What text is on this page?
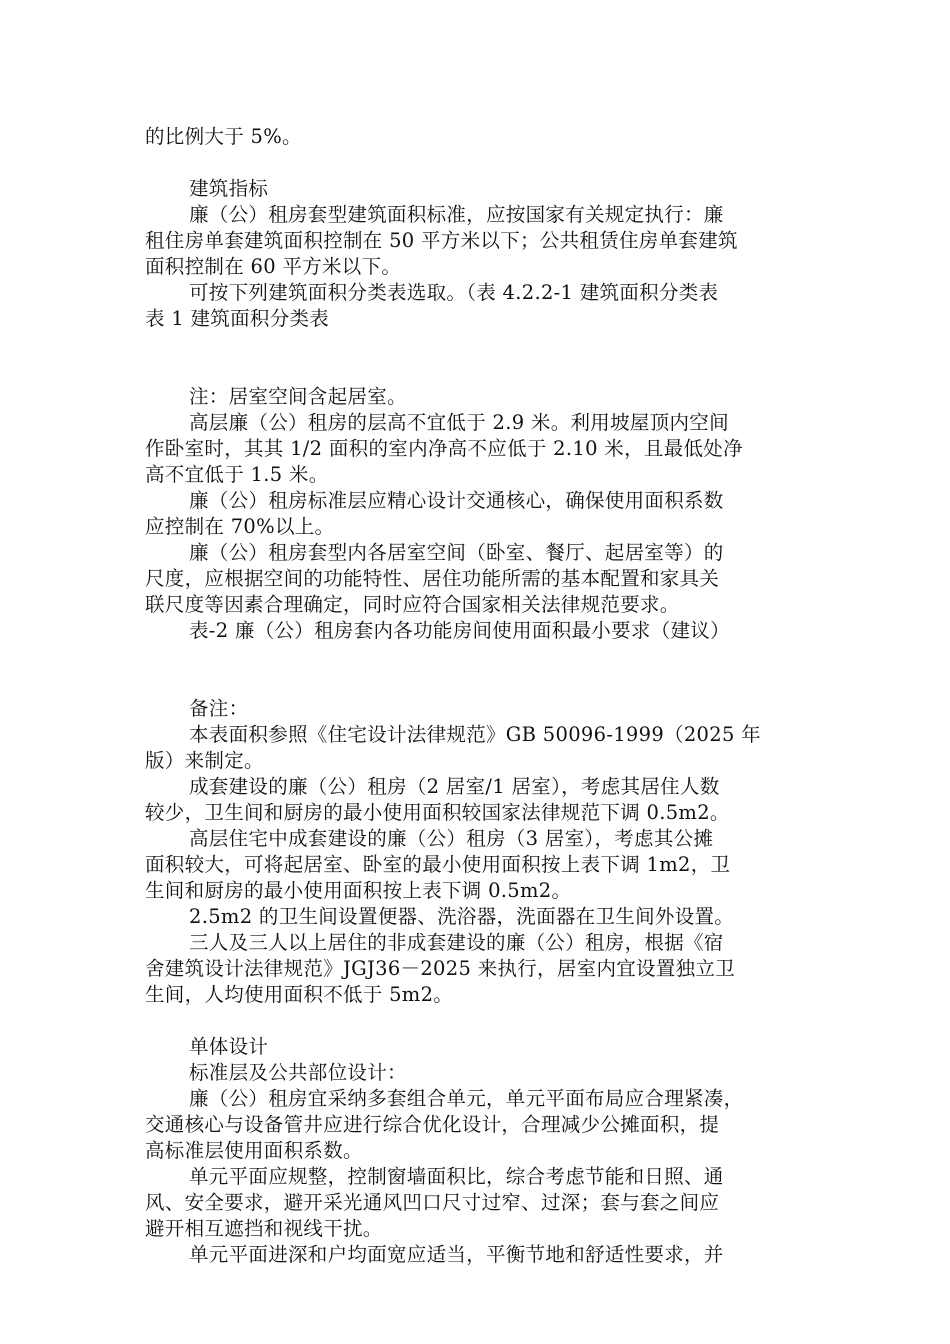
的比例大于 5%。
建筑指标
廉（公）租房套型建筑面积标准，应按国家有关规定执行：廉
租住房单套建筑面积控制在 50 平方米以下；公共租赁住房单套建筑
面积控制在 60 平方米以下。
可按下列建筑面积分类表选取。（表 4.2.2-1 建筑面积分类表
表 1 建筑面积分类表
注：居室空间含起居室。
高层廉（公）租房的层高不宜低于 2.9 米。利用坡屋顶内空间
作卧室时，其其 1/2 面积的室内净高不应低于 2.10 米，且最低处净
高不宜低于 1.5 米。
廉（公）租房标准层应精心设计交通核心，确保使用面积系数
应控制在 70%以上。
廉（公）租房套型内各居室空间（卧室、餐厅、起居室等）的
尺度，应根据空间的功能特性、居住功能所需的基本配置和家具关
联尺度等因素合理确定，同时应符合国家相关法律规范要求。
表-2 廉（公）租房套内各功能房间使用面积最小要求（建议）
备注：
本表面积参照《住宅设计法律规范》GB 50096-1999（2025 年
版）来制定。
成套建设的廉（公）租房（2 居室/1 居室），考虑其居住人数
较少，卫生间和厨房的最小使用面积较国家法律规范下调 0.5m2。
高层住宅中成套建设的廉（公）租房（3 居室），考虑其公摊
面积较大，可将起居室、卧室的最小使用面积按上表下调 1m2，卫
生间和厨房的最小使用面积按上表下调 0.5m2。
2.5m2 的卫生间设置便器、洗浴器，洗面器在卫生间外设置。
三人及三人以上居住的非成套建设的廉（公）租房，根据《宿
舍建筑设计法律规范》JGJ36－2025 来执行，居室内宜设置独立卫
生间，人均使用面积不低于 5m2。
单体设计
标准层及公共部位设计：
廉（公）租房宜采纳多套组合单元，单元平面布局应合理紧凑，
交通核心与设备管井应进行综合优化设计，合理减少公摊面积，提
高标准层使用面积系数。
单元平面应规整，控制窗墙面积比，综合考虑节能和日照、通
风、安全要求，避开采光通风凹口尺寸过窄、过深；套与套之间应
避开相互遮挡和视线干扰。
单元平面进深和户均面宽应适当，平衡节地和舒适性要求，并
